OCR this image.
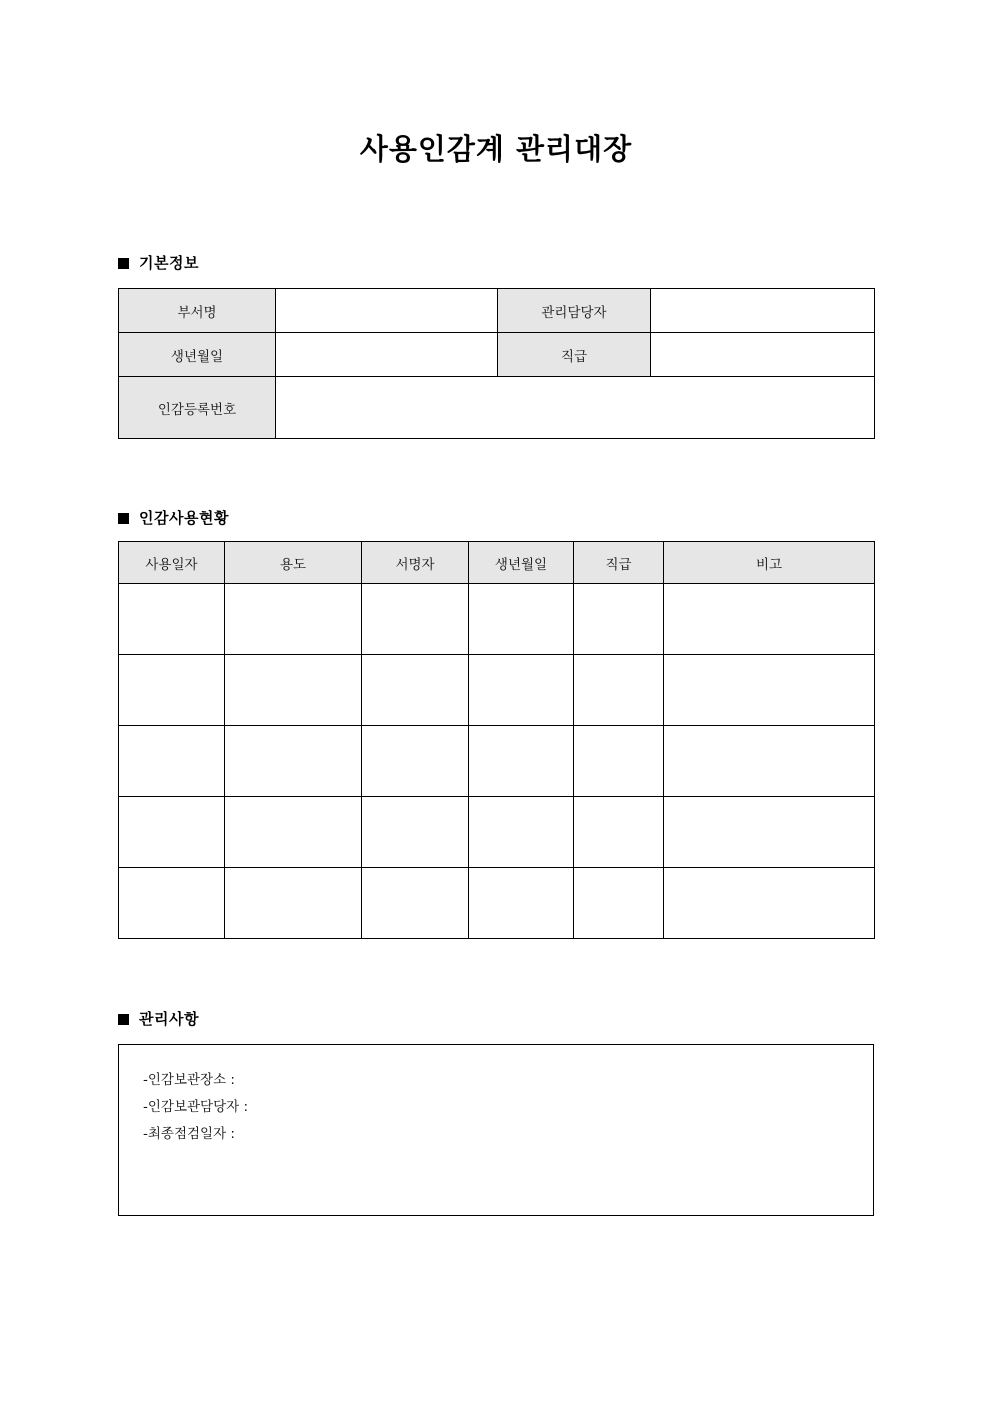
사용인감계 관리대장
기본정보
부서명		관리담당자	
생년월일		직급	
인감등록번호			
인감사용현황
사용일자	용도	서명자	생년월일	직급	비고

관리사항
-인감보관장소 :
-인감보관담당자 :
-최종점검일자 :
